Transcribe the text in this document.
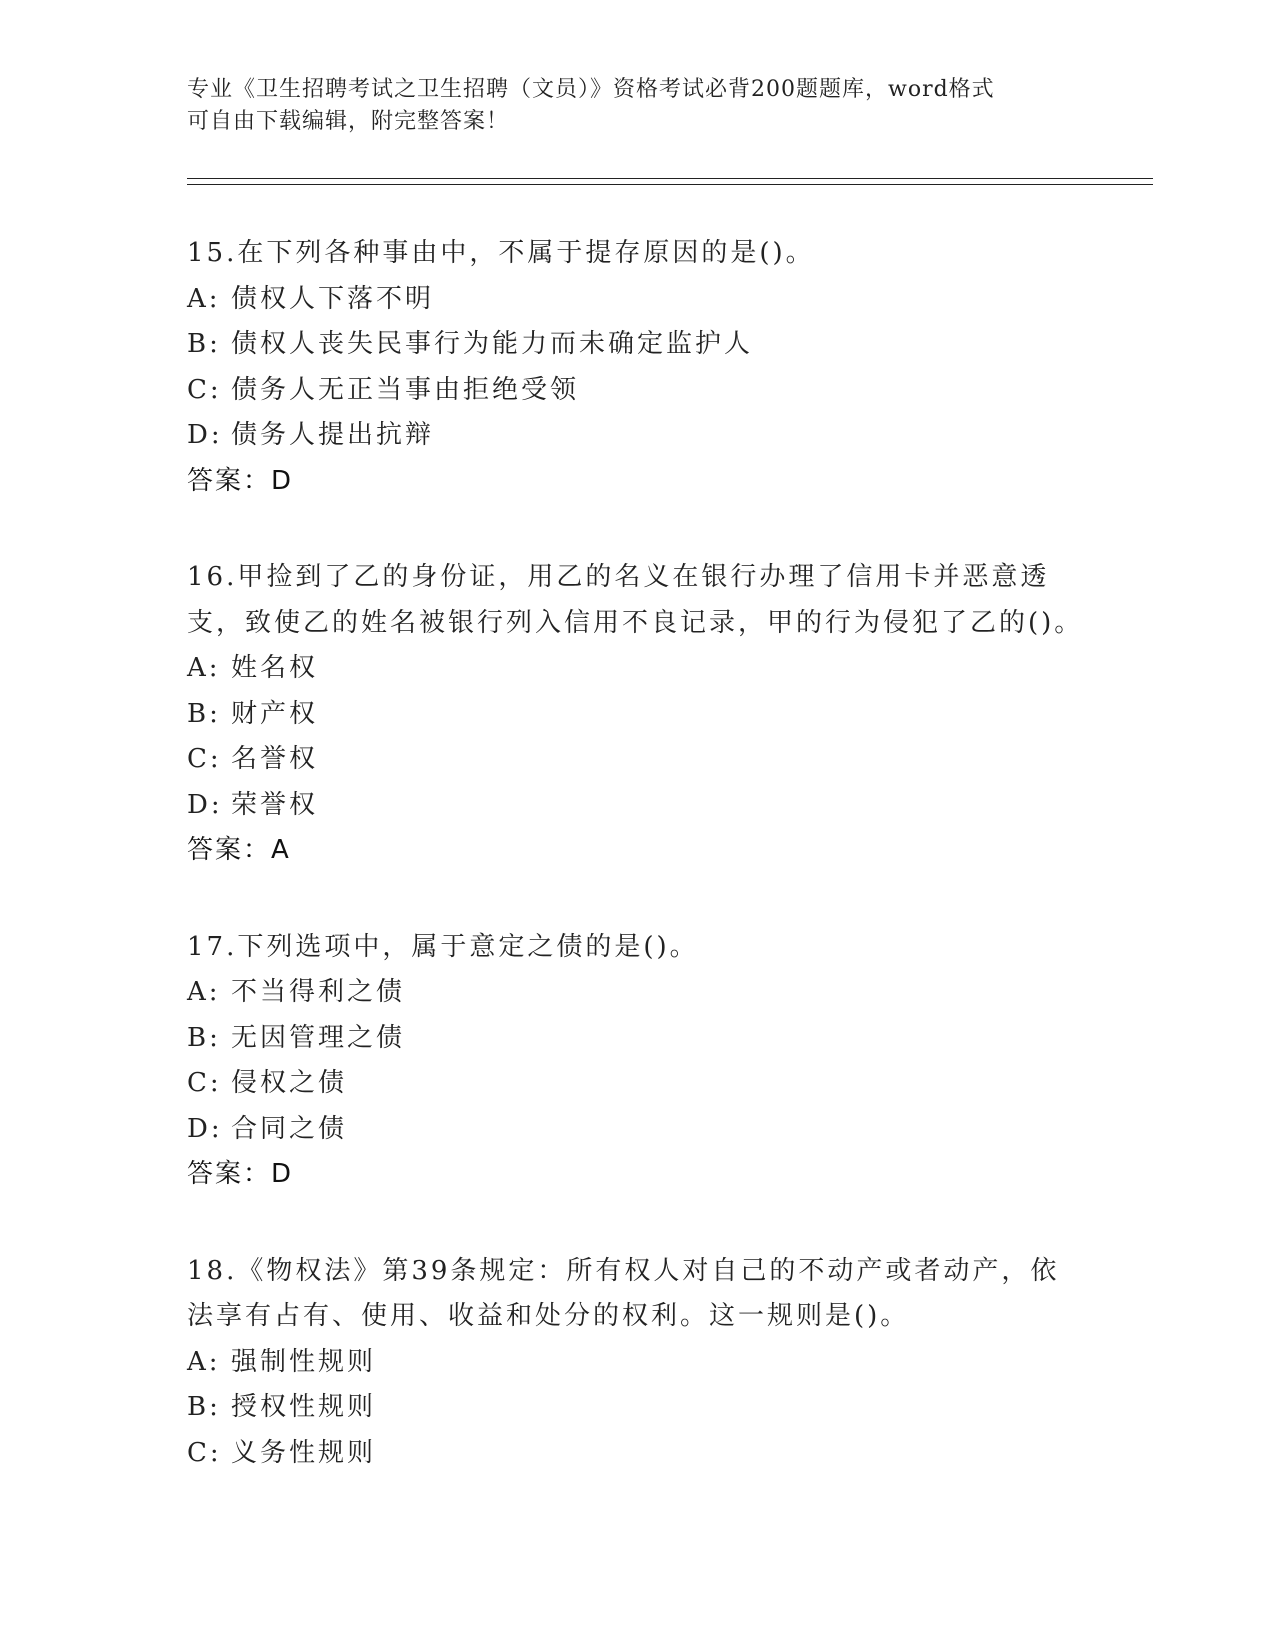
专业《卫生招聘考试之卫生招聘（文员）》资格考试必背200题题库，word格式
可自由下载编辑，附完整答案！

15.在下列各种事由中，不属于提存原因的是()。

A: 债权人下落不明

B: 债权人丧失民事行为能力而未确定监护人

C: 债务人无正当事由拒绝受领

D: 债务人提出抗辩

答案：D

16.甲捡到了乙的身份证，用乙的名义在银行办理了信用卡并恶意透支，致使乙的姓名被银行列入信用不良记录，甲的行为侵犯了乙的()。

A: 姓名权

B: 财产权

C: 名誉权

D: 荣誉权

答案：A

17.下列选项中，属于意定之债的是()。

A: 不当得利之债

B: 无因管理之债

C: 侵权之债

D: 合同之债

答案：D

18.《物权法》第39条规定：所有权人对自己的不动产或者动产，依法享有占有、使用、收益和处分的权利。这一规则是()。

A: 强制性规则

B: 授权性规则

C: 义务性规则
